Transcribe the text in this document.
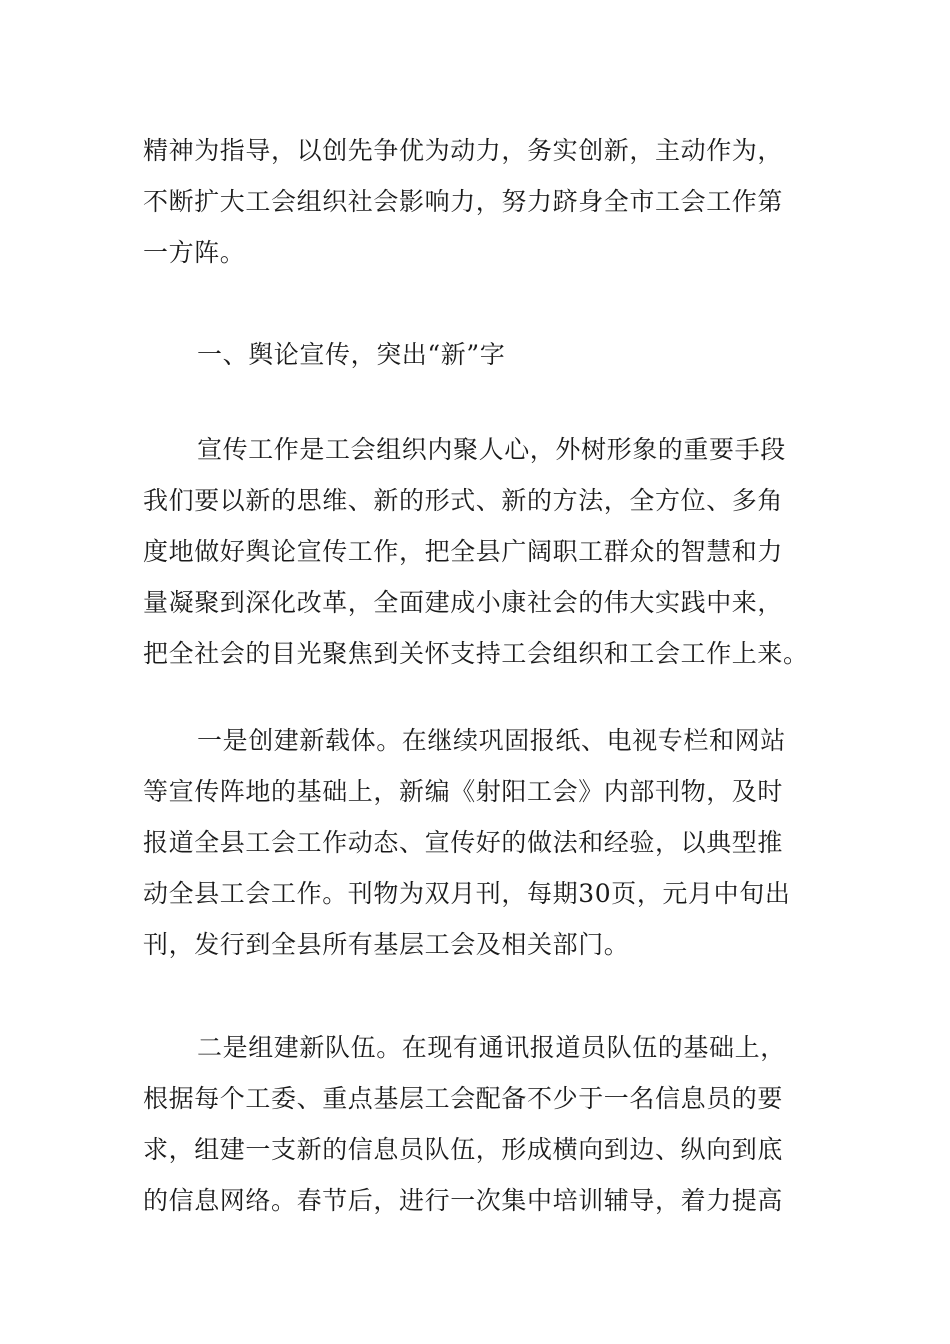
精神为指导，以创先争优为动力，务实创新，主动作为，
不断扩大工会组织社会影响力，努力跻身全市工会工作第
一方阵。
一、舆论宣传，突出“新”字
宣传工作是工会组织内聚人心，外树形象的重要手段
我们要以新的思维、新的形式、新的方法，全方位、多角
度地做好舆论宣传工作，把全县广阔职工群众的智慧和力
量凝聚到深化改革，全面建成小康社会的伟大实践中来，
把全社会的目光聚焦到关怀支持工会组织和工会工作上来。
一是创建新载体。在继续巩固报纸、电视专栏和网站
等宣传阵地的基础上，新编《射阳工会》内部刊物，及时
报道全县工会工作动态、宣传好的做法和经验，以典型推
动全县工会工作。刊物为双月刊，每期30页，元月中旬出
刊，发行到全县所有基层工会及相关部门。
二是组建新队伍。在现有通讯报道员队伍的基础上，
根据每个工委、重点基层工会配备不少于一名信息员的要
求，组建一支新的信息员队伍，形成横向到边、纵向到底
的信息网络。春节后，进行一次集中培训辅导，着力提高
